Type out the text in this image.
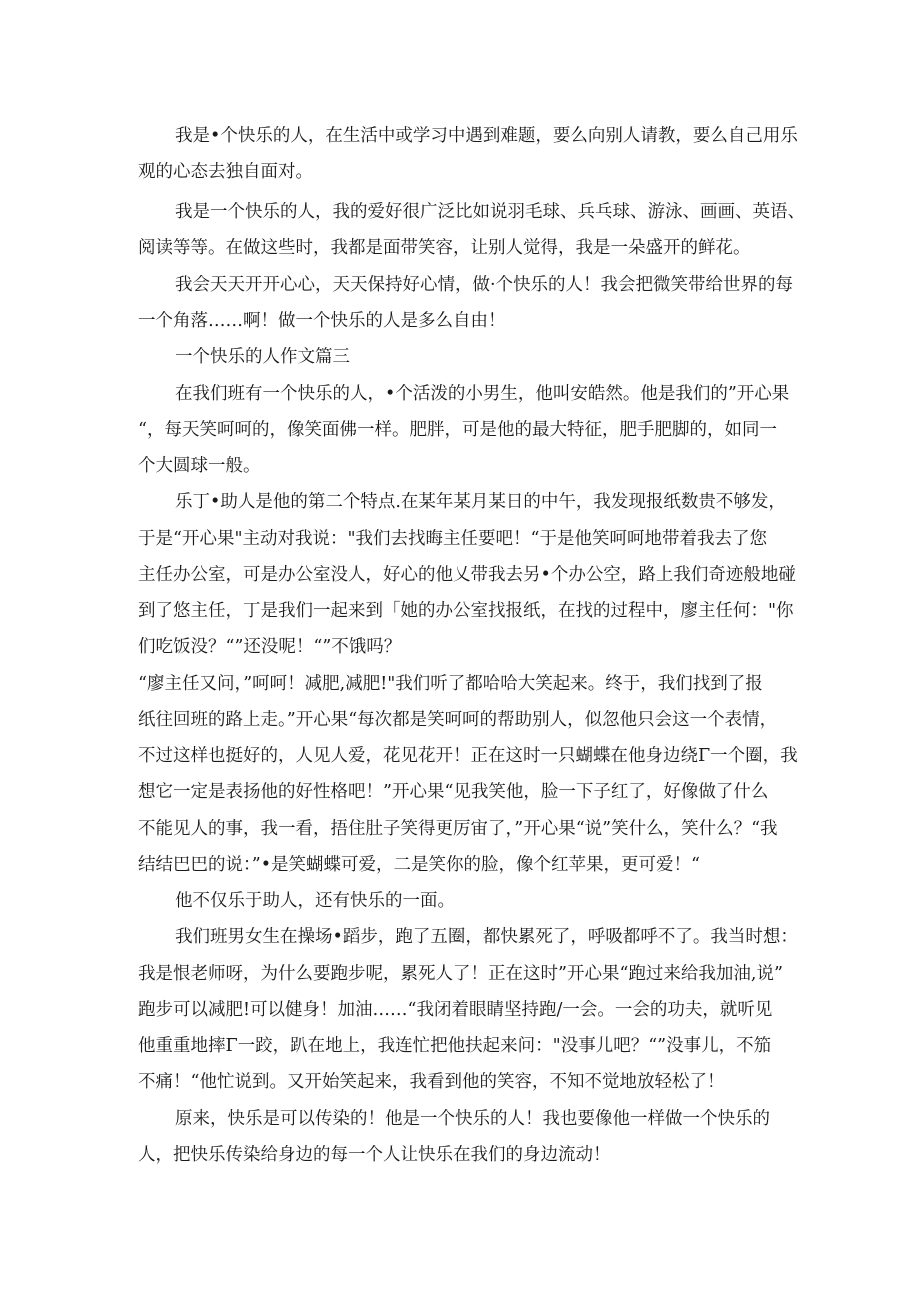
我是•个快乐的人，在生活中或学习中遇到难题，要么向别人请教，要么自己用乐

观的心态去独自面对。

我是一个快乐的人，我的爱好很广泛比如说羽毛球、兵乓球、游泳、画画、英语、

阅读等等。在做这些时，我都是面带笑容，让别人觉得，我是一朵盛开的鲜花。

我会天天开开心心，天天保持好心情，做·个快乐的人！我会把微笑带给世界的每

一个角落……啊！做一个快乐的人是多么自由！

一个快乐的人作文篇三

在我们班有一个快乐的人，•个活泼的小男生，他叫安皓然。他是我们的”开心果

“，每天笑呵呵的，像笑面佛一样。肥胖，可是他的最大特征，肥手肥脚的，如同一

个大圆球一般。

乐丁•助人是他的第二个特点.在某年某月某日的中午，我发现报纸数贵不够发，

于是“开心果"主动对我说："我们去找晦主任要吧！“于是他笑呵呵地带着我去了您

主任办公室，可是办公室没人，好心的他乂带我去另•个办公空，路上我们奇迹般地碰

到了悠主任，丁是我们一起来到「她的办公室找报纸，在找的过程中，廖主任何："你

们吃饭没？“”还没呢！“”不饿吗？

“廖主任又问，”呵呵！减肥,减肥!"我们听了都哈哈大笑起来。终于，我们找到了报

纸往回班的路上走。”开心果“每次都是笑呵呵的帮助别人，似忽他只会这一个表情，

不过这样也挺好的，人见人爱，花见花开！正在这时一只蝴蝶在他身边绕Γ一个圈，我

想它一定是表扬他的好性格吧！”开心果“见我笑他，脸一下子红了，好像做了什么

不能见人的事，我一看，捂住肚子笑得更厉宙了，”开心果“说”笑什么，笑什么？“我

结结巴巴的说：”•是笑蝴蝶可爱，二是笑你的脸，像个红苹果，更可爱！“

他不仅乐于助人，还有快乐的一面。

我们班男女生在操场•蹈步，跑了五圈，都快累死了，呼吸都呼不了。我当时想：

我是恨老师呀，为什么要跑步呢，累死人了！正在这时”开心果“跑过来给我加油,说”

跑步可以减肥!可以健身！加油……“我闭着眼睛坚持跑/一会。一会的功夫，就听见

他重重地摔Γ一跤，趴在地上，我连忙把他扶起来问："没事儿吧？“”没事儿，不笳

不痛！“他忙说到。又开始笑起来，我看到他的笑容，不知不觉地放轻松了！

原来，快乐是可以传染的！他是一个快乐的人！我也要像他一样做一个快乐的

人，把快乐传染给身边的每一个人让快乐在我们的身边流动！
